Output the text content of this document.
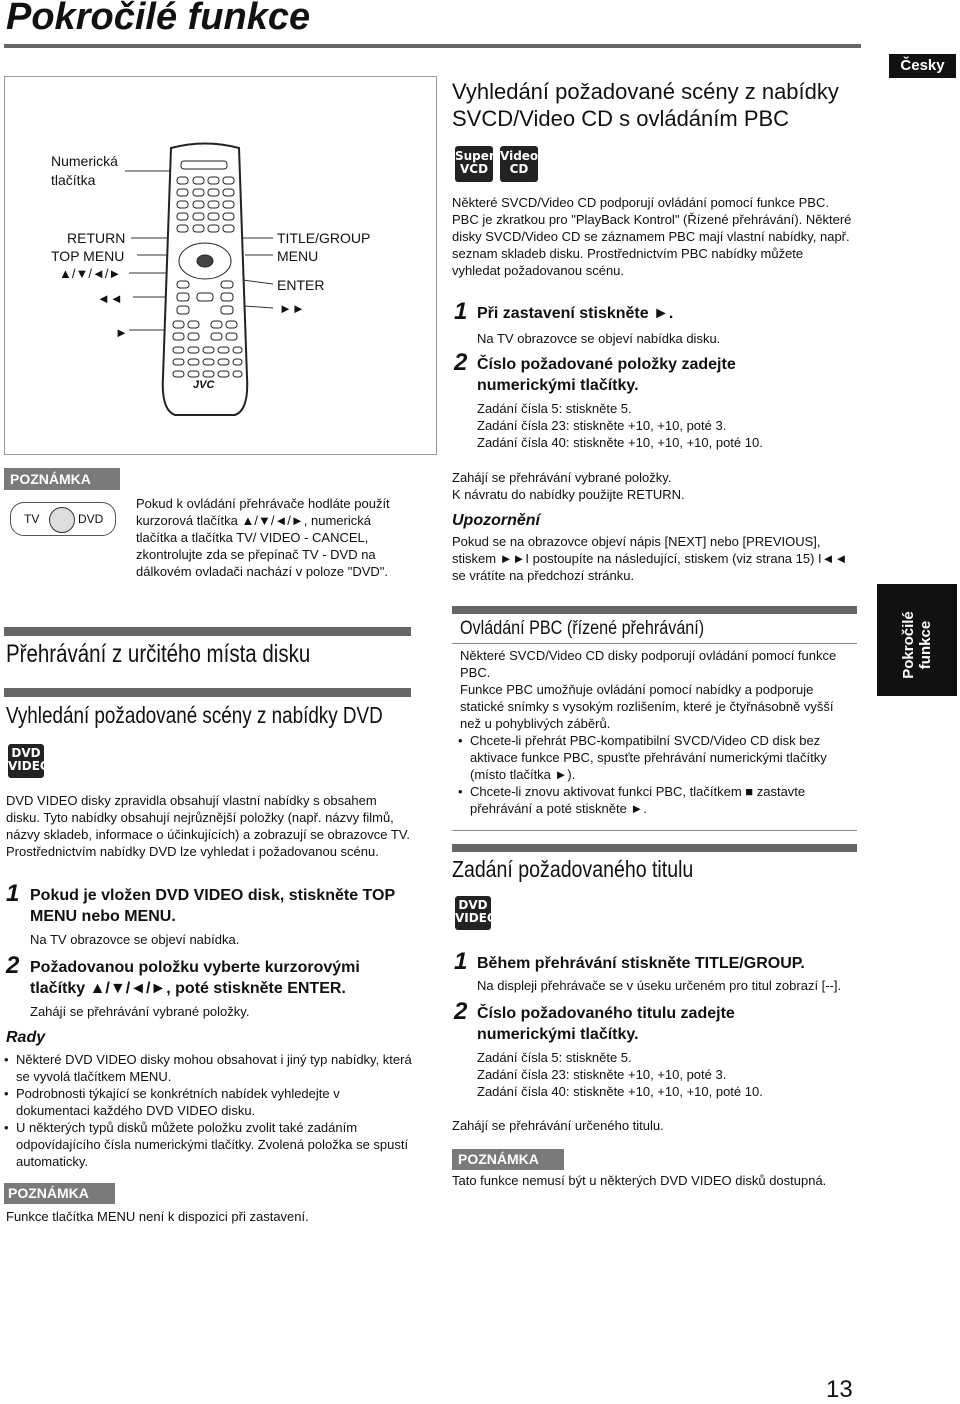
Pokročilé funkce
Česky
Numerická tlačítka
RETURN
TOP MENU
▲/▼/◄/►
◄◄
►
TITLE/GROUP
MENU
ENTER
►►
JVC
POZNÁMKA
TV	DVD
Pokud k ovládání přehrávače hodláte použít kurzorová tlačítka ▲/▼/◄/►, numerická tlačítka a tlačítka TV/ VIDEO - CANCEL, zkontrolujte zda se přepínač TV - DVD na dálkovém ovladači nachází v poloze "DVD".
Přehrávání z určitého místa disku
Vyhledání požadované scény z nabídky DVD
DVD VIDEO
DVD VIDEO disky zpravidla obsahují vlastní nabídky s obsahem disku. Tyto nabídky obsahují nejrůznější položky (např. názvy filmů, názvy skladeb, informace o účinkujících) a zobrazují se obrazovce TV. Prostřednictvím nabídky DVD lze vyhledat i požadovanou scénu.
1 Pokud je vložen DVD VIDEO disk, stiskněte TOP MENU nebo MENU.
Na TV obrazovce se objeví nabídka.
2 Požadovanou položku vyberte kurzorovými tlačítky ▲/▼/◄/►, poté stiskněte ENTER.
Zahájí se přehrávání vybrané položky.
Rady
• Některé DVD VIDEO disky mohou obsahovat i jiný typ nabídky, která se vyvolá tlačítkem MENU.
• Podrobnosti týkající se konkrétních nabídek vyhledejte v dokumentaci každého DVD VIDEO disku.
• U některých typů disků můžete položku zvolit také zadáním odpovídajícího čísla numerickými tlačítky. Zvolená položka se spustí automaticky.
POZNÁMKA
Funkce tlačítka MENU není k dispozici při zastavení.
Vyhledání požadované scény z nabídky SVCD/Video CD s ovládáním PBC
Super VCD
Video CD
Některé SVCD/Video CD podporují ovládání pomocí funkce PBC. PBC je zkratkou pro "PlayBack Kontrol" (Řízené přehrávání). Některé disky SVCD/Video CD se záznamem PBC mají vlastní nabídky, např. seznam skladeb disku. Prostřednictvím PBC nabídky můžete vyhledat požadovanou scénu.
1 Při zastavení stiskněte ►.
Na TV obrazovce se objeví nabídka disku.
2 Číslo požadované položky zadejte numerickými tlačítky.
Zadání čísla 5: stiskněte 5.
Zadání čísla 23: stiskněte +10, +10, poté 3.
Zadání čísla 40: stiskněte +10, +10, +10, poté 10.
Zahájí se přehrávání vybrané položky.
K návratu do nabídky použijte RETURN.
Upozornění
Pokud se na obrazovce objeví nápis [NEXT] nebo [PREVIOUS], stiskem ►►I postoupíte na následující, stiskem (viz strana 15) I◄◄ se vrátíte na předchozí stránku.
Ovládání PBC (řízené přehrávání)
Některé SVCD/Video CD disky podporují ovládání pomocí funkce PBC.
Funkce PBC umožňuje ovládání pomocí nabídky a podporuje statické snímky s vysokým rozlišením, které je čtyřnásobně vyšší než u pohyblivých záběrů.
• Chcete-li přehrát PBC-kompatibilní SVCD/Video CD disk bez aktivace funkce PBC, spusťte přehrávání numerickými tlačítky (místo tlačítka ►).
• Chcete-li znovu aktivovat funkci PBC, tlačítkem ■ zastavte přehrávání a poté stiskněte ►.
Zadání požadovaného titulu
DVD VIDEO
1 Během přehrávání stiskněte TITLE/GROUP.
Na displeji přehrávače se v úseku určeném pro titul zobrazí [--].
2 Číslo požadovaného titulu zadejte numerickými tlačítky.
Zadání čísla 5: stiskněte 5.
Zadání čísla 23: stiskněte +10, +10, poté 3.
Zadání čísla 40: stiskněte +10, +10, +10, poté 10.
Zahájí se přehrávání určeného titulu.
POZNÁMKA
Tato funkce nemusí být u některých DVD VIDEO disků dostupná.
Pokročilé funkce
13
